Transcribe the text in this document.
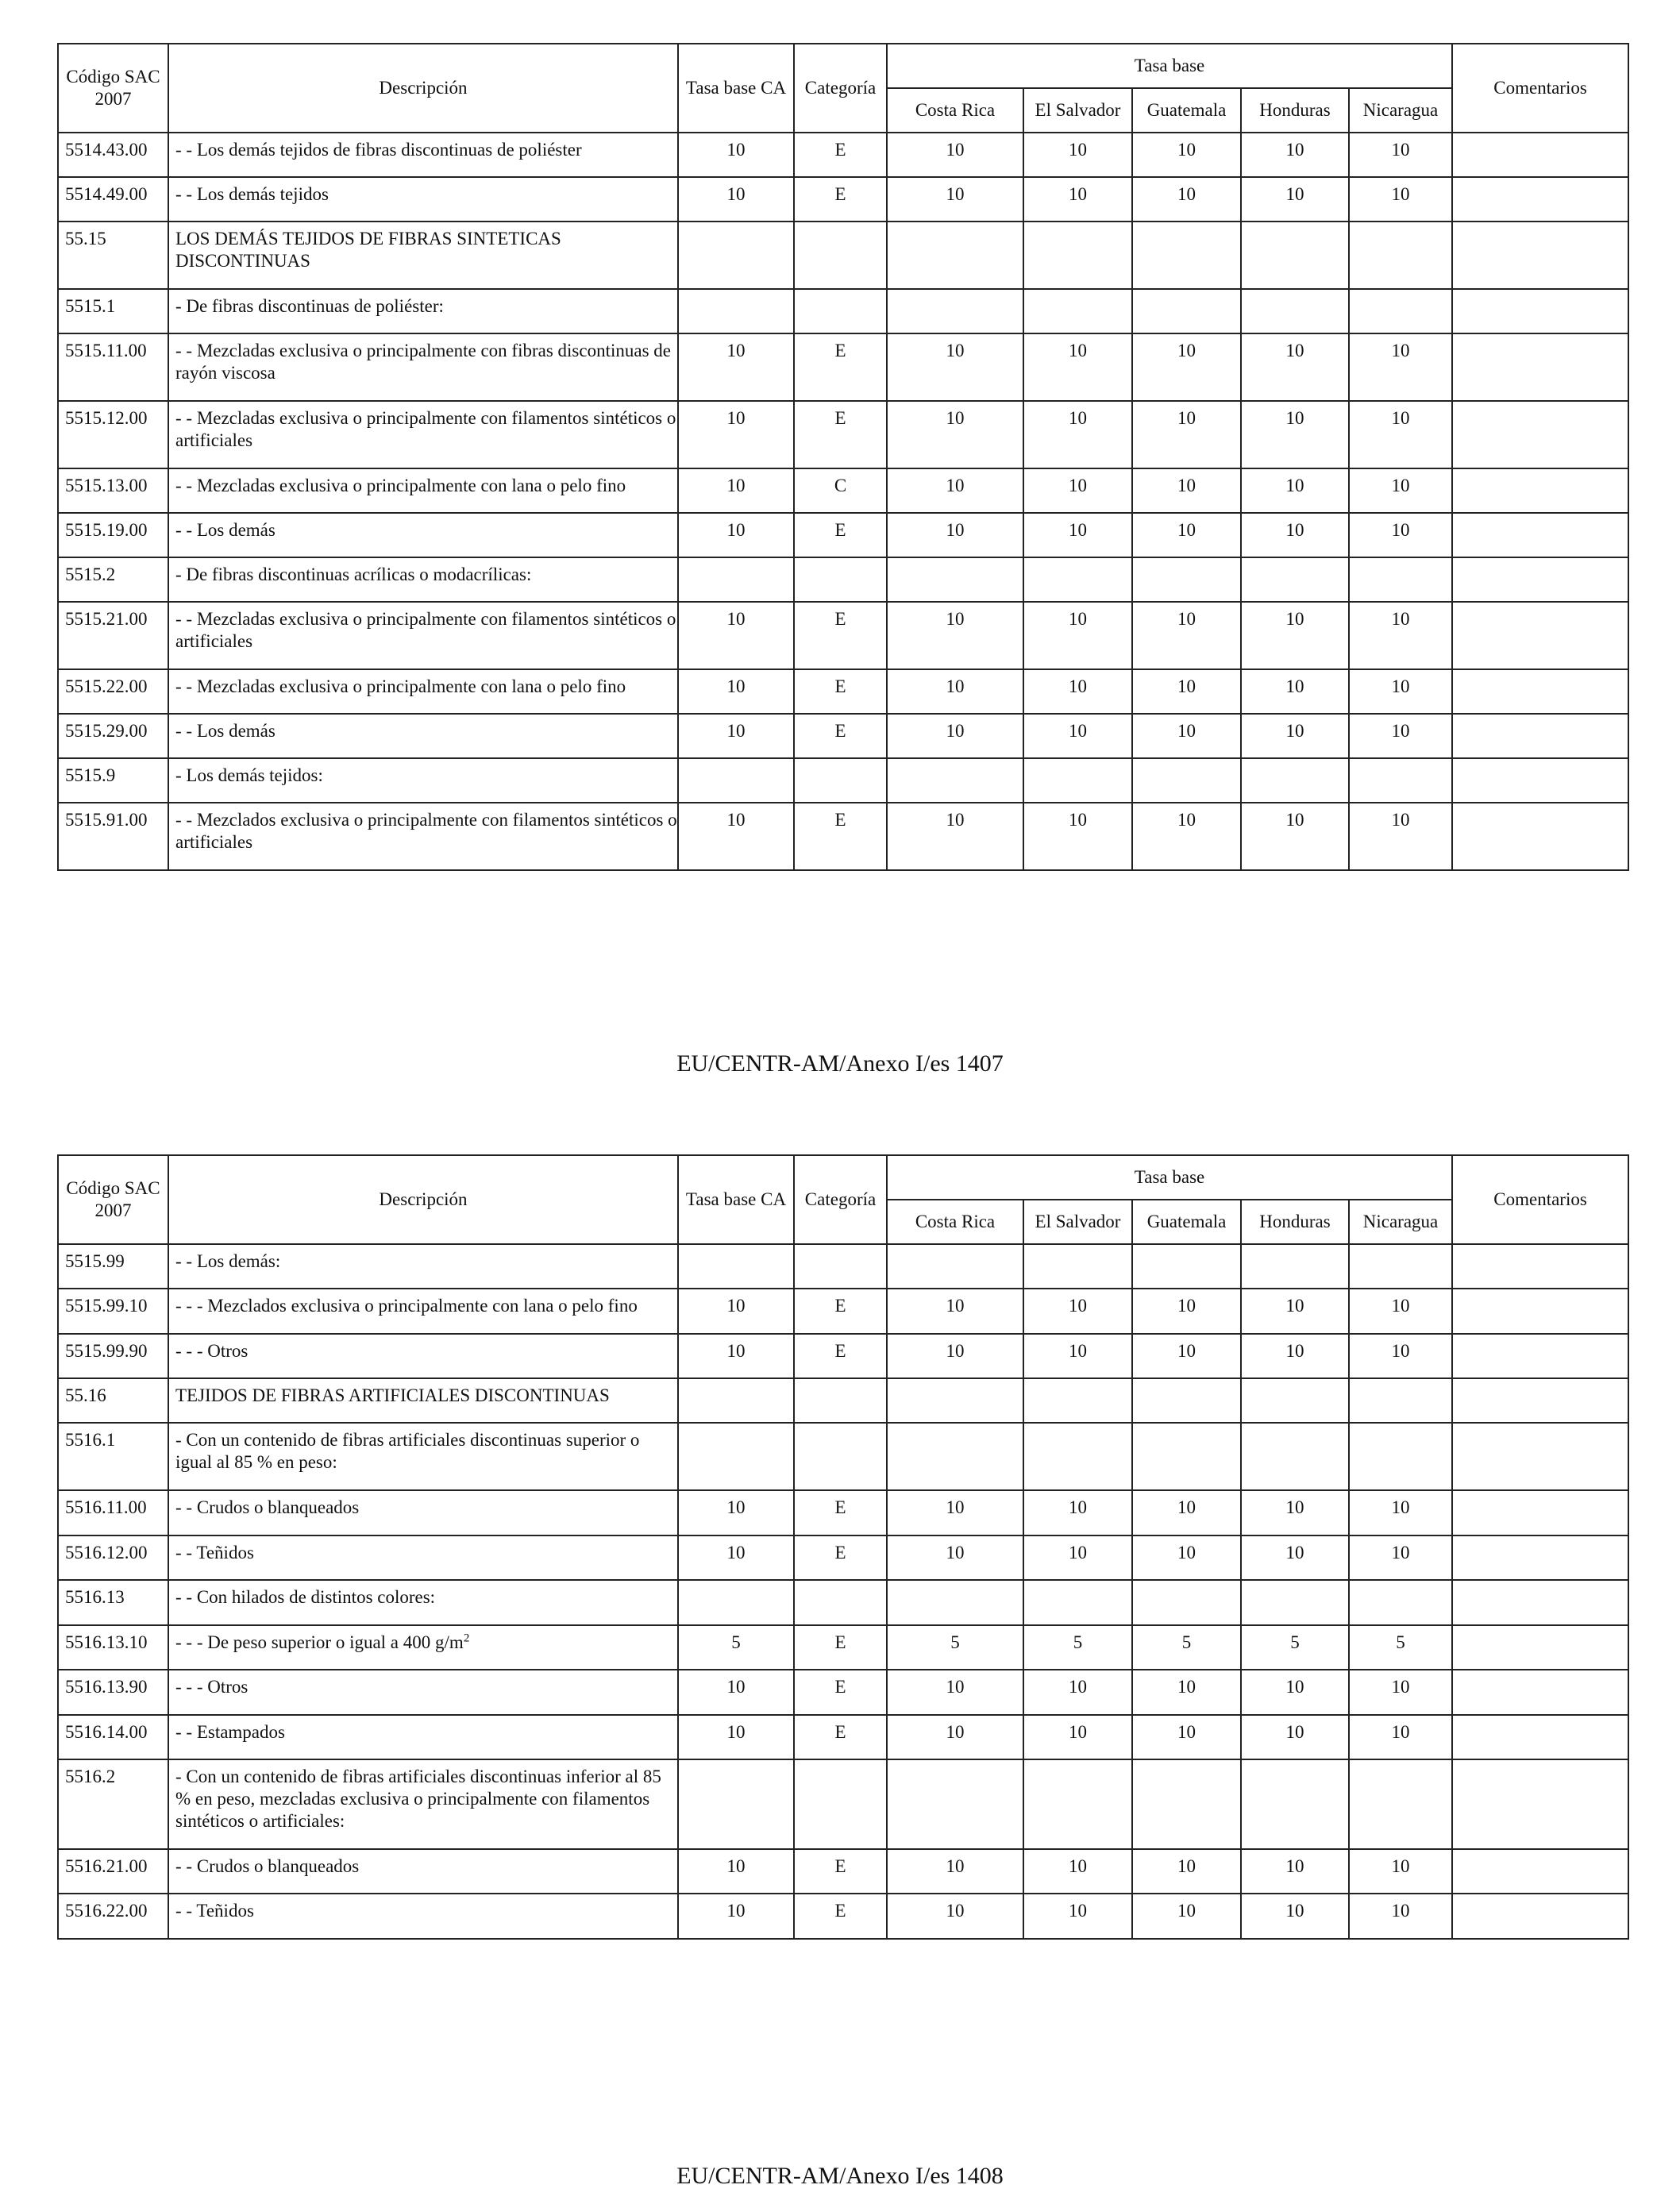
Código SAC 2007	Descripción	Tasa base CA	Categoría	Tasa base					Comentarios
				Costa Rica	El Salvador	Guatemala	Honduras	Nicaragua	
5514.43.00	- - Los demás tejidos de fibras discontinuas de poliéster	10	E	10	10	10	10	10	
5514.49.00	- - Los demás tejidos	10	E	10	10	10	10	10	
55.15	LOS DEMÁS TEJIDOS DE FIBRAS SINTETICAS DISCONTINUAS								
5515.1	- De fibras discontinuas de poliéster:								
5515.11.00	- - Mezcladas exclusiva o principalmente con fibras discontinuas de rayón viscosa	10	E	10	10	10	10	10	
5515.12.00	- - Mezcladas exclusiva o principalmente con filamentos sintéticos o artificiales	10	E	10	10	10	10	10	
5515.13.00	- - Mezcladas exclusiva o principalmente con lana o pelo fino	10	C	10	10	10	10	10	
5515.19.00	- - Los demás	10	E	10	10	10	10	10	
5515.2	- De fibras discontinuas acrílicas o modacrílicas:								
5515.21.00	- - Mezcladas exclusiva o principalmente con filamentos sintéticos o artificiales	10	E	10	10	10	10	10	
5515.22.00	- - Mezcladas exclusiva o principalmente con lana o pelo fino	10	E	10	10	10	10	10	
5515.29.00	- - Los demás	10	E	10	10	10	10	10	
5515.9	- Los demás tejidos:								
5515.91.00	- - Mezclados exclusiva o principalmente con filamentos sintéticos o artificiales	10	E	10	10	10	10	10	
EU/CENTR-AM/Anexo I/es 1407
Código SAC 2007	Descripción	Tasa base CA	Categoría	Tasa base					Comentarios
				Costa Rica	El Salvador	Guatemala	Honduras	Nicaragua	
5515.99	- - Los demás:								
5515.99.10	- - - Mezclados exclusiva o principalmente con lana o pelo fino	10	E	10	10	10	10	10	
5515.99.90	- - - Otros	10	E	10	10	10	10	10	
55.16	TEJIDOS DE FIBRAS ARTIFICIALES DISCONTINUAS								
5516.1	- Con un contenido de fibras artificiales discontinuas superior o igual al 85 % en peso:								
5516.11.00	- - Crudos o blanqueados	10	E	10	10	10	10	10	
5516.12.00	- - Teñidos	10	E	10	10	10	10	10	
5516.13	- - Con hilados de distintos colores:								
5516.13.10	- - - De peso superior o igual a 400 $g/m^2$	5	E	5	5	5	5	5	
5516.13.90	- - - Otros	10	E	10	10	10	10	10	
5516.14.00	- - Estampados	10	E	10	10	10	10	10	
5516.2	- Con un contenido de fibras artificiales discontinuas inferior al 85 % en peso, mezcladas exclusiva o principalmente con filamentos sintéticos o artificiales:								
5516.21.00	- - Crudos o blanqueados	10	E	10	10	10	10	10	
5516.22.00	- - Teñidos	10	E	10	10	10	10	10	
EU/CENTR-AM/Anexo I/es 1408
